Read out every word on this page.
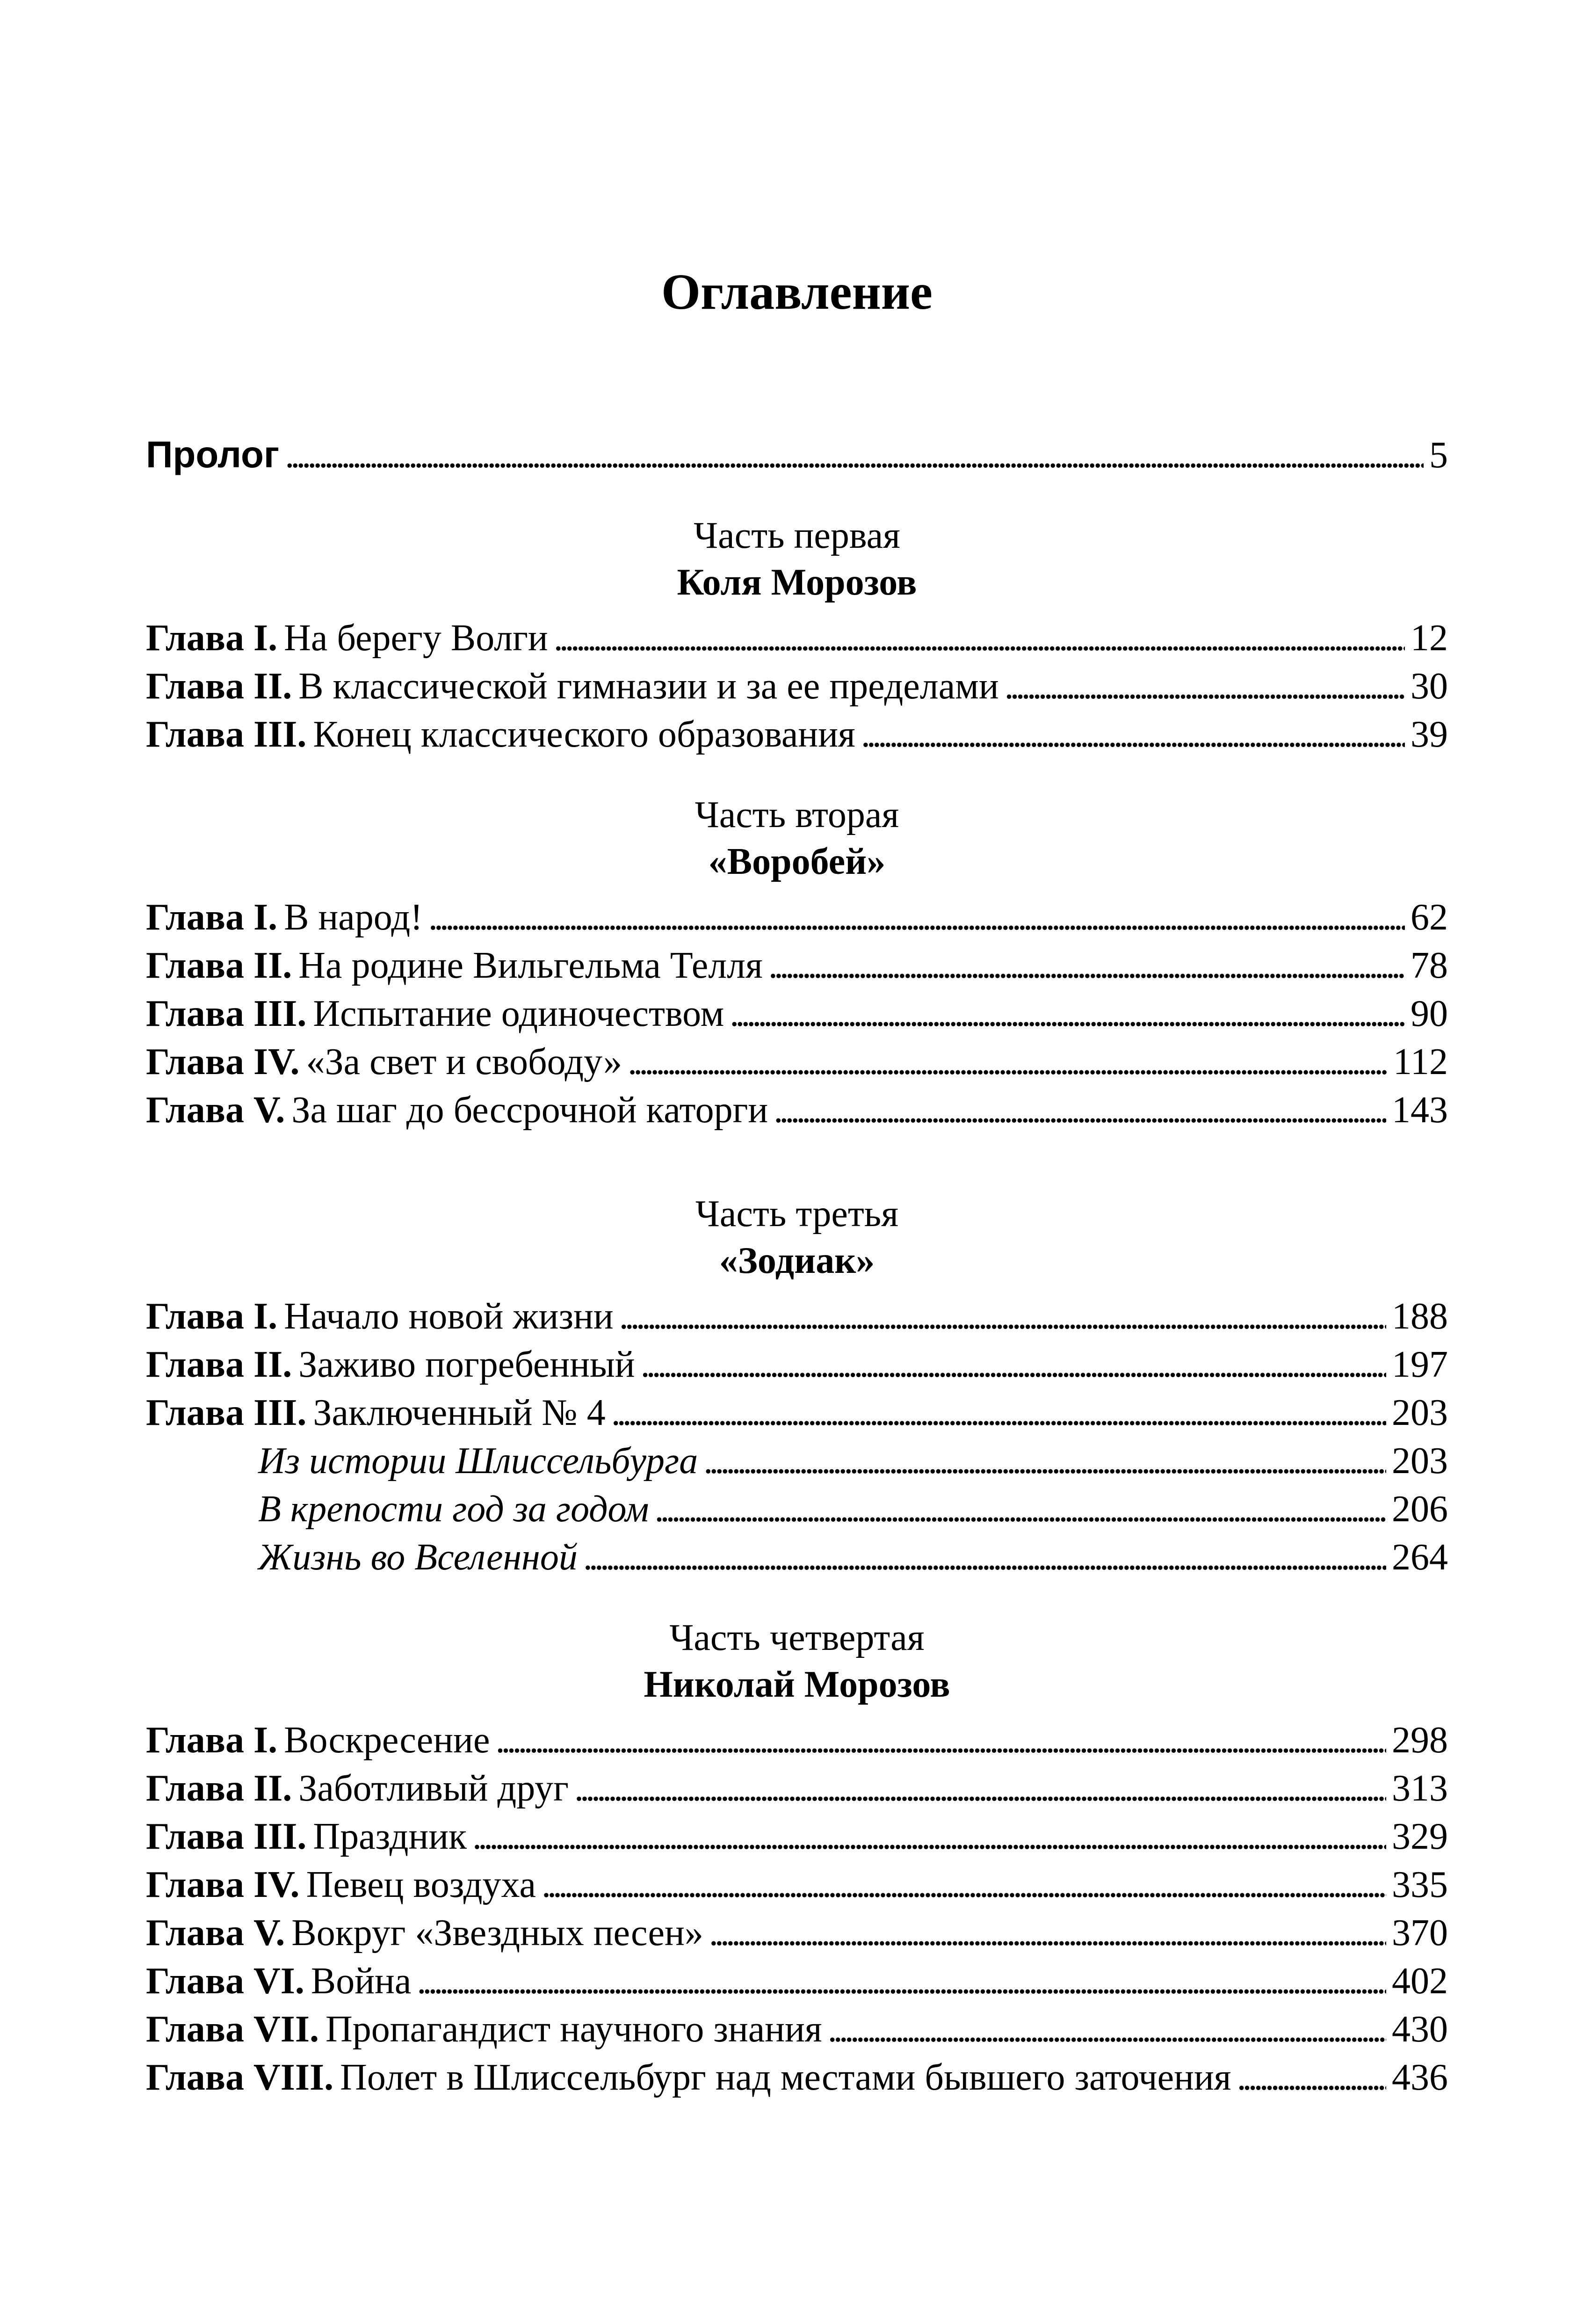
Оглавление
Пролог . . .	5
Часть первая
Коля Морозов
Глава I. На берегу Волги . . .	12
Глава II. В классической гимназии и за ее пределами . . .	30
Глава III. Конец классического образования . . .	39
Часть вторая
«Воробей»
Глава I. В народ! . . .	62
Глава II. На родине Вильгельма Телля . . .	78
Глава III. Испытание одиночеством . . .	90
Глава IV. «За свет и свободу» . . .	112
Глава V. За шаг до бессрочной каторги . . .	143
Часть третья
«Зодиак»
Глава I. Начало новой жизни . . .	188
Глава II. Заживо погребенный . . .	197
Глава III. Заключенный № 4 . . .	203
Из истории Шлиссельбурга . . .	203
В крепости год за годом . . .	206
Жизнь во Вселенной . . .	264
Часть четвертая
Николай Морозов
Глава I. Воскресение . . .	298
Глава II. Заботливый друг . . .	313
Глава III. Праздник . . .	329
Глава IV. Певец воздуха . . .	335
Глава V. Вокруг «Звездных песен» . . .	370
Глава VI. Война . . .	402
Глава VII. Пропагандист научного знания . . .	430
Глава VIII. Полет в Шлиссельбург над местами бывшего заточения . . .	436
